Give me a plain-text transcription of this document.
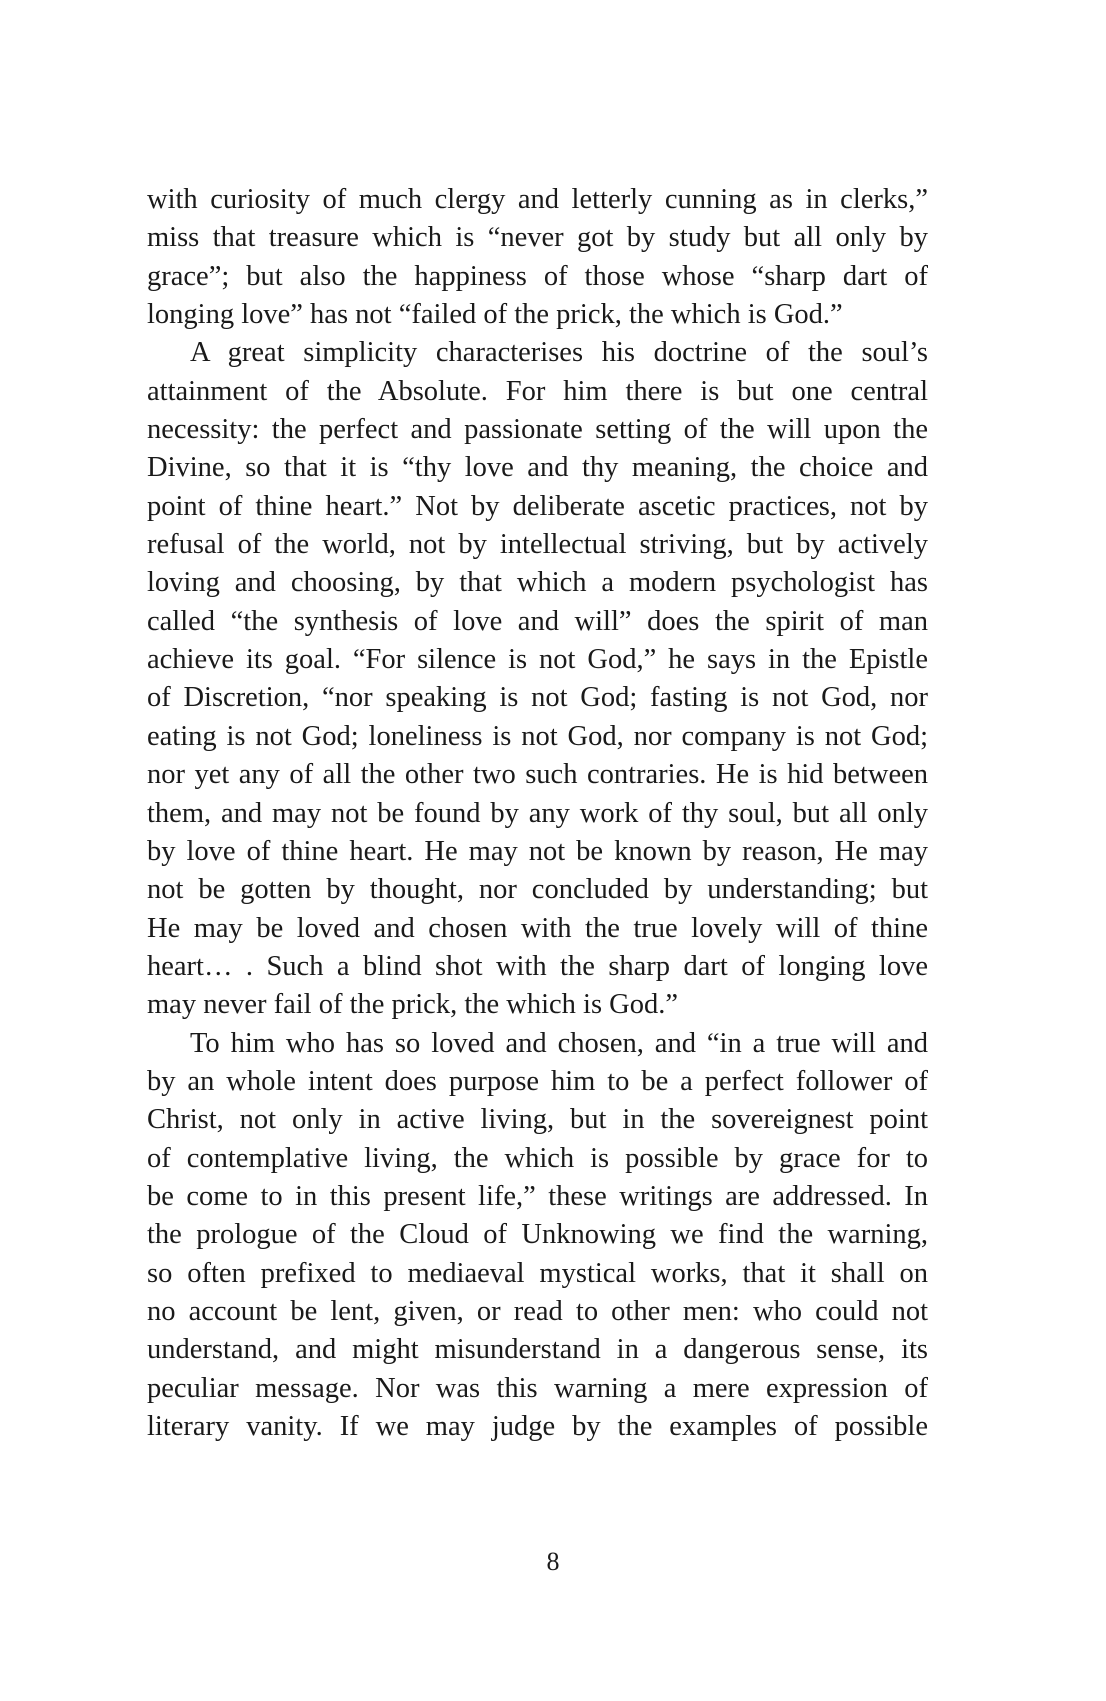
with curiosity of much clergy and letterly cunning as in clerks,”
miss that treasure which is “never got by study but all only by
grace”; but also the happiness of those whose “sharp dart of
longing love” has not “failed of the prick, the which is God.”
A great simplicity characterises his doctrine of the soul’s
attainment of the Absolute. For him there is but one central
necessity: the perfect and passionate setting of the will upon the
Divine, so that it is “thy love and thy meaning, the choice and
point of thine heart.” Not by deliberate ascetic practices, not by
refusal of the world, not by intellectual striving, but by actively
loving and choosing, by that which a modern psychologist has
called “the synthesis of love and will” does the spirit of man
achieve its goal. “For silence is not God,” he says in the Epistle
of Discretion, “nor speaking is not God; fasting is not God, nor
eating is not God; loneliness is not God, nor company is not God;
nor yet any of all the other two such contraries. He is hid between
them, and may not be found by any work of thy soul, but all only
by love of thine heart. He may not be known by reason, He may
not be gotten by thought, nor concluded by understanding; but
He may be loved and chosen with the true lovely will of thine
heart… . Such a blind shot with the sharp dart of longing love
may never fail of the prick, the which is God.”
To him who has so loved and chosen, and “in a true will and
by an whole intent does purpose him to be a perfect follower of
Christ, not only in active living, but in the sovereignest point
of contemplative living, the which is possible by grace for to
be come to in this present life,” these writings are addressed. In
the prologue of the Cloud of Unknowing we find the warning,
so often prefixed to mediaeval mystical works, that it shall on
no account be lent, given, or read to other men: who could not
understand, and might misunderstand in a dangerous sense, its
peculiar message. Nor was this warning a mere expression of
literary vanity. If we may judge by the examples of possible
8
